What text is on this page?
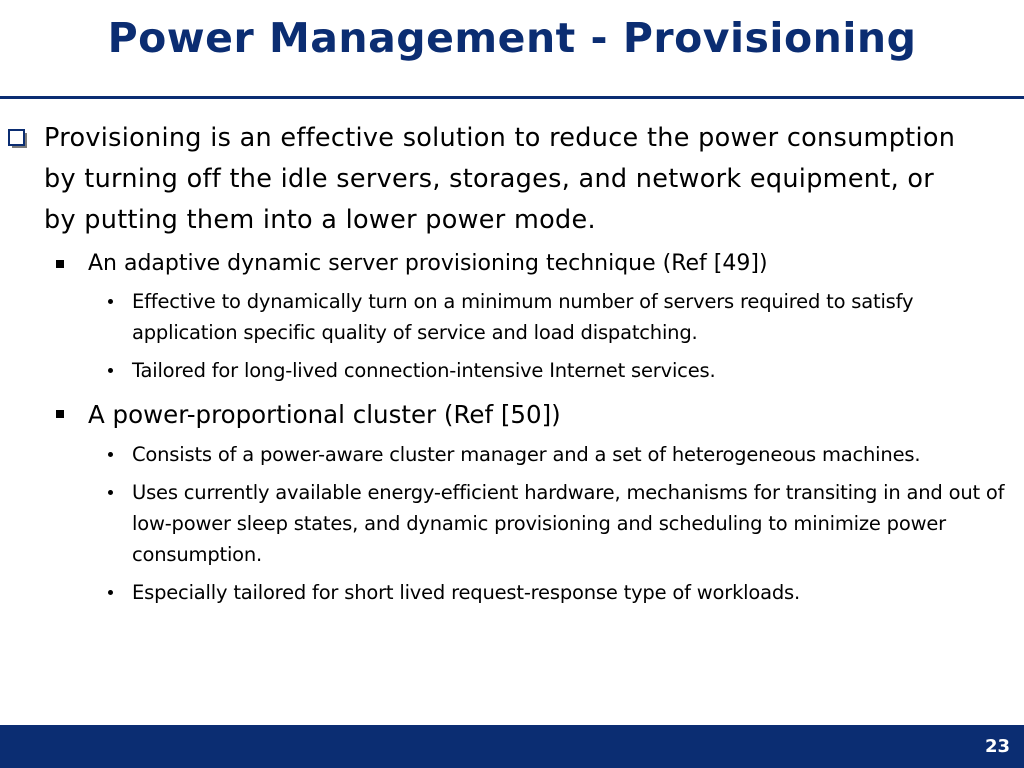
Power Management - Provisioning
Provisioning is an effective solution to reduce the power consumption by turning off the idle servers, storages, and network equipment, or by putting them into a lower power mode.
An adaptive dynamic server provisioning technique (Ref [49])
Effective to dynamically turn on a minimum number of servers required to satisfy application specific quality of service and load dispatching.
Tailored for long-lived connection-intensive Internet services.
A power-proportional cluster (Ref [50])
Consists of a power-aware cluster manager and a set of heterogeneous machines.
Uses currently available energy-efficient hardware, mechanisms for transiting in and out of low-power sleep states, and dynamic provisioning and scheduling to minimize power consumption.
Especially tailored for short lived request-response type of workloads.
23
